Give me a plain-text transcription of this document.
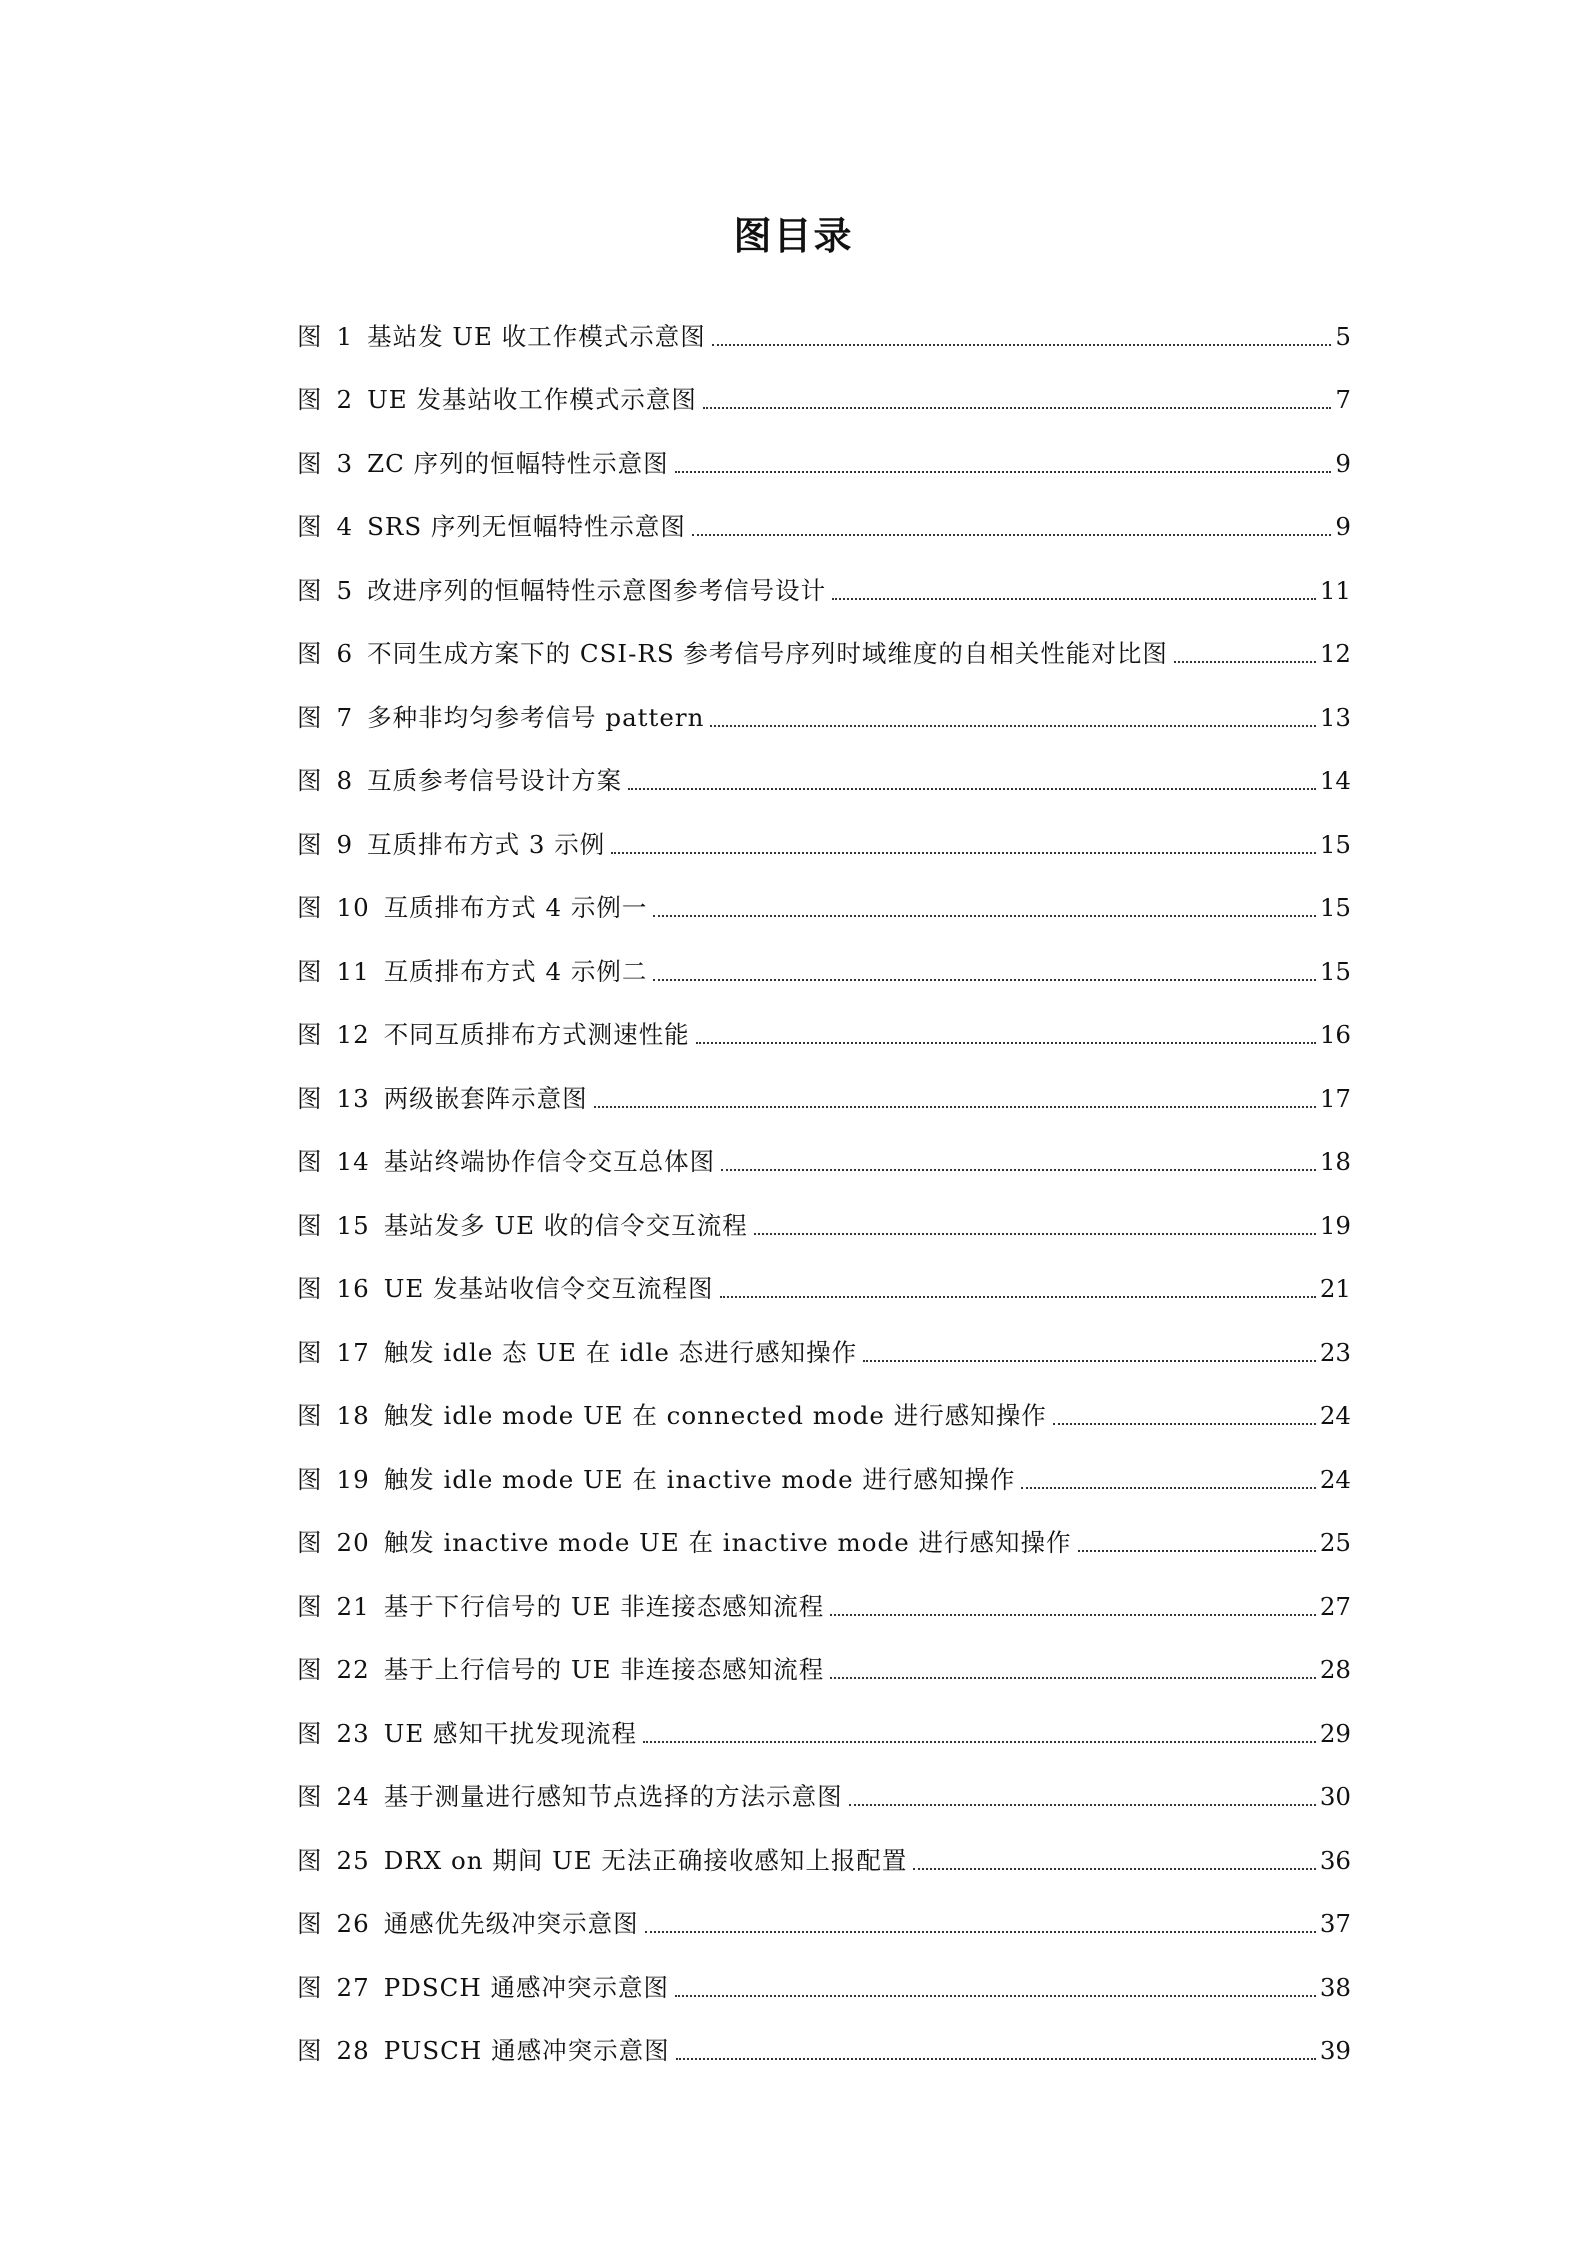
图目录
图 1 基站发 UE 收工作模式示意图	5
图 2 UE 发基站收工作模式示意图	7
图 3 ZC 序列的恒幅特性示意图	9
图 4 SRS 序列无恒幅特性示意图	9
图 5 改进序列的恒幅特性示意图参考信号设计	11
图 6 不同生成方案下的 CSI-RS 参考信号序列时域维度的自相关性能对比图	12
图 7 多种非均匀参考信号 pattern	13
图 8 互质参考信号设计方案	14
图 9 互质排布方式 3 示例	15
图 10 互质排布方式 4 示例一	15
图 11 互质排布方式 4 示例二	15
图 12 不同互质排布方式测速性能	16
图 13 两级嵌套阵示意图	17
图 14 基站终端协作信令交互总体图	18
图 15 基站发多 UE 收的信令交互流程	19
图 16 UE 发基站收信令交互流程图	21
图 17 触发 idle 态 UE 在 idle 态进行感知操作	23
图 18 触发 idle mode UE 在 connected mode 进行感知操作	24
图 19 触发 idle mode UE 在 inactive mode 进行感知操作	24
图 20 触发 inactive mode UE 在 inactive mode 进行感知操作	25
图 21 基于下行信号的 UE 非连接态感知流程	27
图 22 基于上行信号的 UE 非连接态感知流程	28
图 23 UE 感知干扰发现流程	29
图 24 基于测量进行感知节点选择的方法示意图	30
图 25 DRX on 期间 UE 无法正确接收感知上报配置	36
图 26 通感优先级冲突示意图	37
图 27 PDSCH 通感冲突示意图	38
图 28 PUSCH 通感冲突示意图	39
